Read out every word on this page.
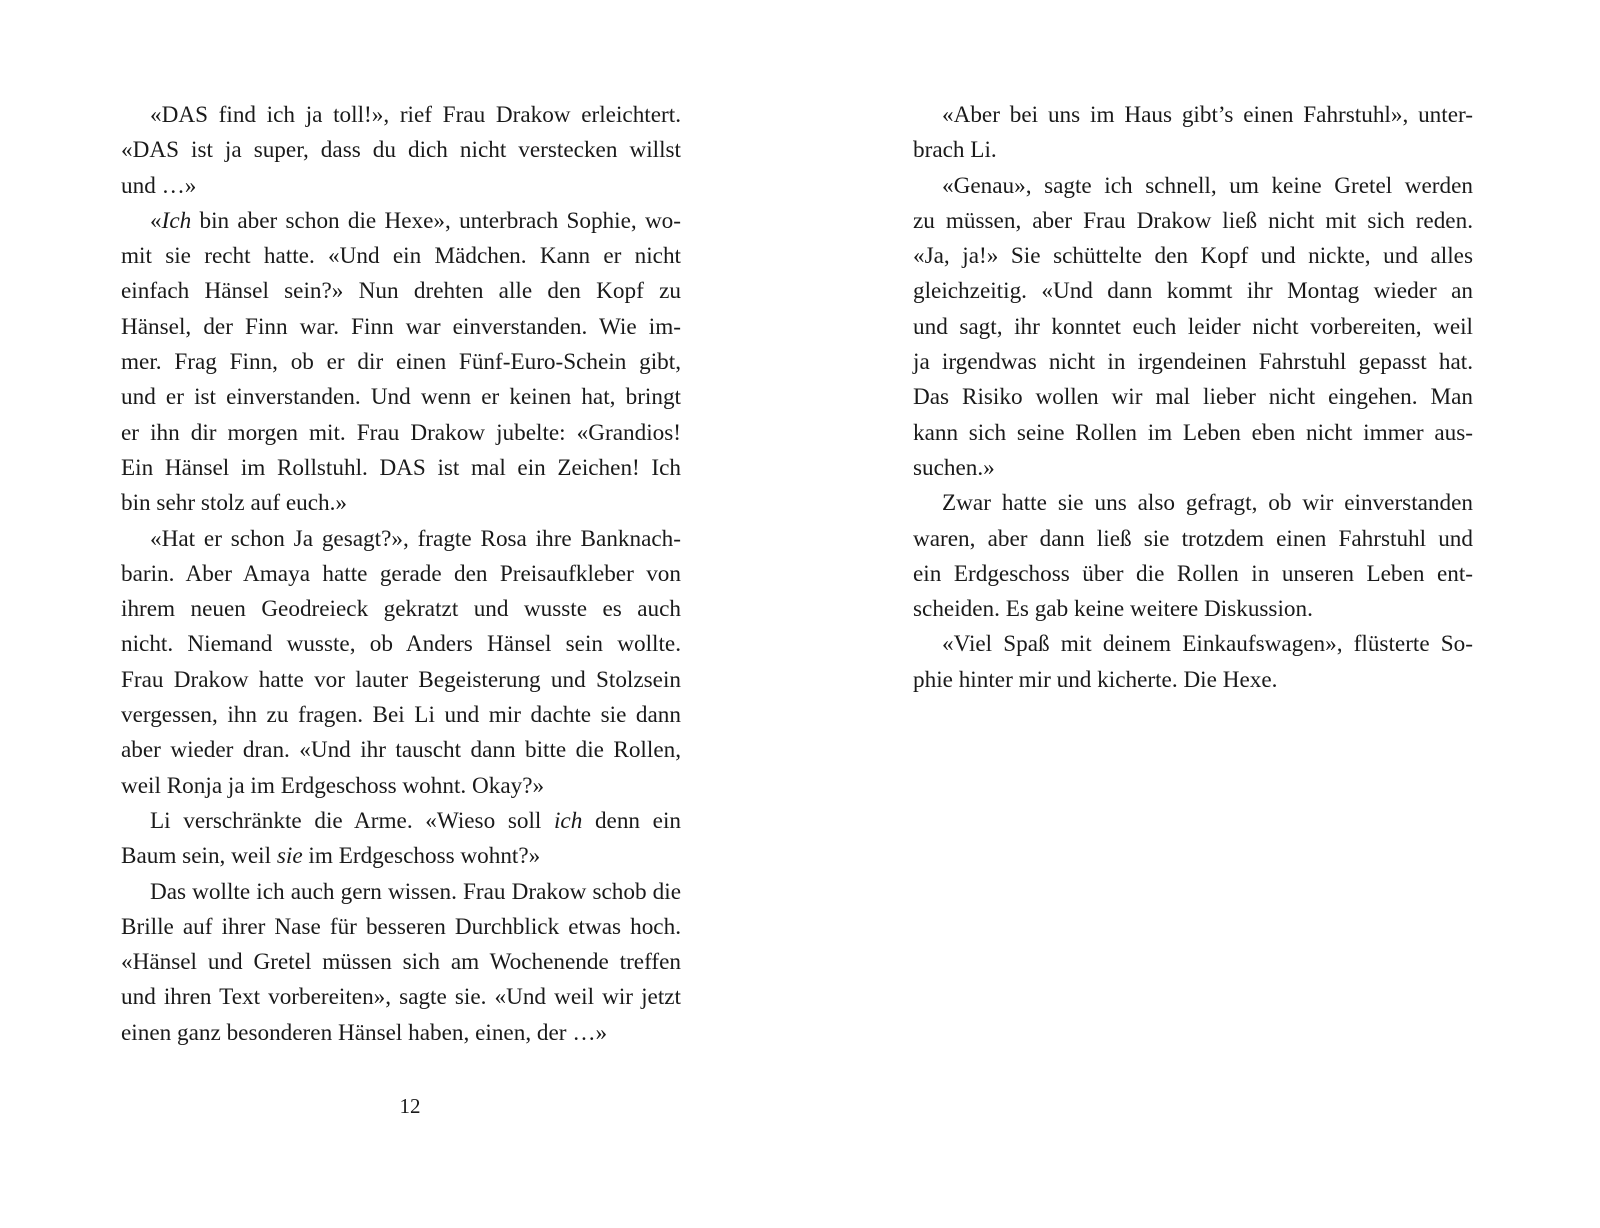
«DAS find ich ja toll!», rief Frau Drakow erleichtert.
«DAS ist ja super, dass du dich nicht verstecken willst
und …»
«Ich bin aber schon die Hexe», unterbrach Sophie, wo-
mit sie recht hatte. «Und ein Mädchen. Kann er nicht
einfach Hänsel sein?» Nun drehten alle den Kopf zu
Hänsel, der Finn war. Finn war einverstanden. Wie im-
mer. Frag Finn, ob er dir einen Fünf-Euro-Schein gibt,
und er ist einverstanden. Und wenn er keinen hat, bringt
er ihn dir morgen mit. Frau Drakow jubelte: «Grandios!
Ein Hänsel im Rollstuhl. DAS ist mal ein Zeichen! Ich
bin sehr stolz auf euch.»
«Hat er schon Ja gesagt?», fragte Rosa ihre Banknach-
barin. Aber Amaya hatte gerade den Preisaufkleber von
ihrem neuen Geodreieck gekratzt und wusste es auch
nicht. Niemand wusste, ob Anders Hänsel sein wollte.
Frau Drakow hatte vor lauter Begeisterung und Stolzsein
vergessen, ihn zu fragen. Bei Li und mir dachte sie dann
aber wieder dran. «Und ihr tauscht dann bitte die Rollen,
weil Ronja ja im Erdgeschoss wohnt. Okay?»
Li verschränkte die Arme. «Wieso soll ich denn ein
Baum sein, weil sie im Erdgeschoss wohnt?»
Das wollte ich auch gern wissen. Frau Drakow schob die
Brille auf ihrer Nase für besseren Durchblick etwas hoch.
«Hänsel und Gretel müssen sich am Wochenende treffen
und ihren Text vorbereiten», sagte sie. «Und weil wir jetzt
einen ganz besonderen Hänsel haben, einen, der …»
«Aber bei uns im Haus gibt’s einen Fahrstuhl», unter-
brach Li.
«Genau», sagte ich schnell, um keine Gretel werden
zu müssen, aber Frau Drakow ließ nicht mit sich reden.
«Ja, ja!» Sie schüttelte den Kopf und nickte, und alles
gleichzeitig. «Und dann kommt ihr Montag wieder an
und sagt, ihr konntet euch leider nicht vorbereiten, weil
ja irgendwas nicht in irgendeinen Fahrstuhl gepasst hat.
Das Risiko wollen wir mal lieber nicht eingehen. Man
kann sich seine Rollen im Leben eben nicht immer aus-
suchen.»
Zwar hatte sie uns also gefragt, ob wir einverstanden
waren, aber dann ließ sie trotzdem einen Fahrstuhl und
ein Erdgeschoss über die Rollen in unseren Leben ent-
scheiden. Es gab keine weitere Diskussion.
«Viel Spaß mit deinem Einkaufswagen», flüsterte So-
phie hinter mir und kicherte. Die Hexe.
12
